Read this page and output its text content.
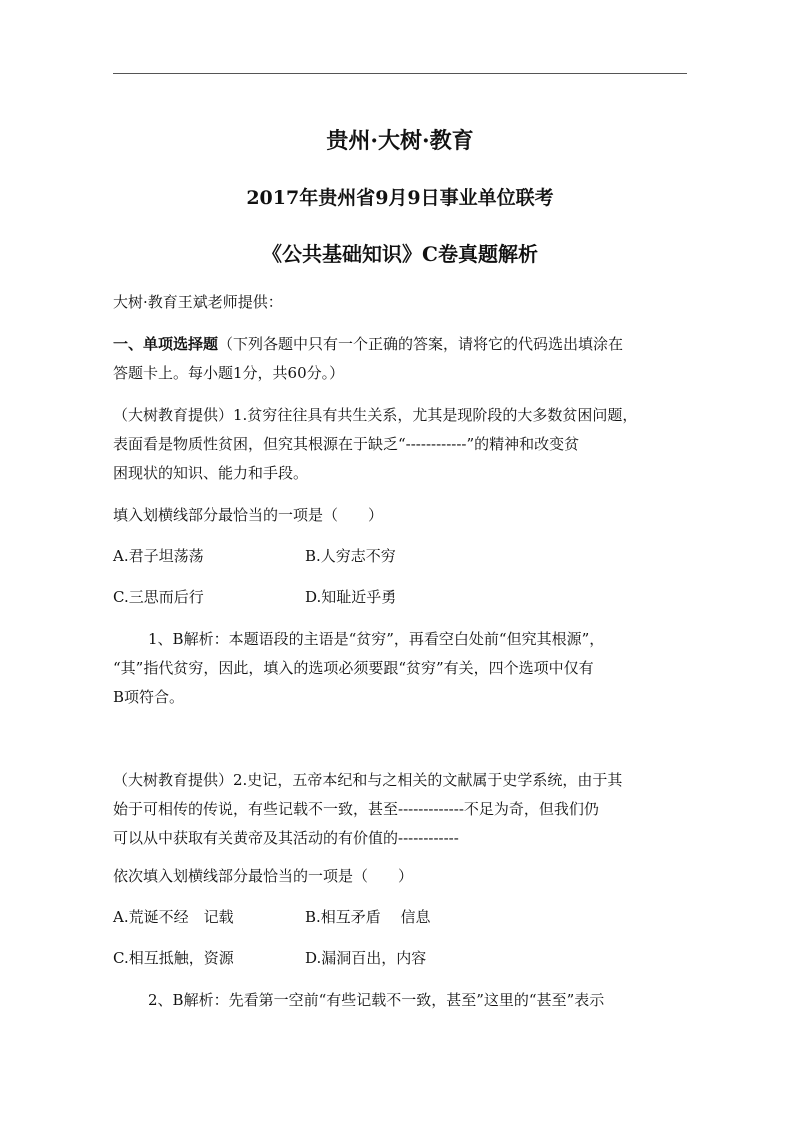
贵州·大树·教育
2017年贵州省9月9日事业单位联考
《公共基础知识》C卷真题解析
大树·教育王斌老师提供：
一、单项选择题（下列各题中只有一个正确的答案，请将它的代码选出填涂在
答题卡上。每小题1分，共60分。）
（大树教育提供）1.贫穷往往具有共生关系，尤其是现阶段的大多数贫困问题，
表面看是物质性贫困，但究其根源在于缺乏“------------”的精神和改变贫
困现状的知识、能力和手段。
填入划横线部分最恰当的一项是（　　）
A.君子坦荡荡	B.人穷志不穷
C.三思而后行	D.知耻近乎勇
1、B解析：本题语段的主语是“贫穷”，再看空白处前“但究其根源”，
“其”指代贫穷，因此，填入的选项必须要跟“贫穷”有关，四个选项中仅有
B项符合。
（大树教育提供）2.史记，五帝本纪和与之相关的文献属于史学系统，由于其
始于可相传的传说，有些记载不一致，甚至-------------不足为奇，但我们仍
可以从中获取有关黄帝及其活动的有价值的------------
依次填入划横线部分最恰当的一项是（　　）
A.荒诞不经　记载	B.相互矛盾　 信息
C.相互抵触，资源	D.漏洞百出，内容
2、B解析：先看第一空前“有些记载不一致，甚至”这里的“甚至”表示
